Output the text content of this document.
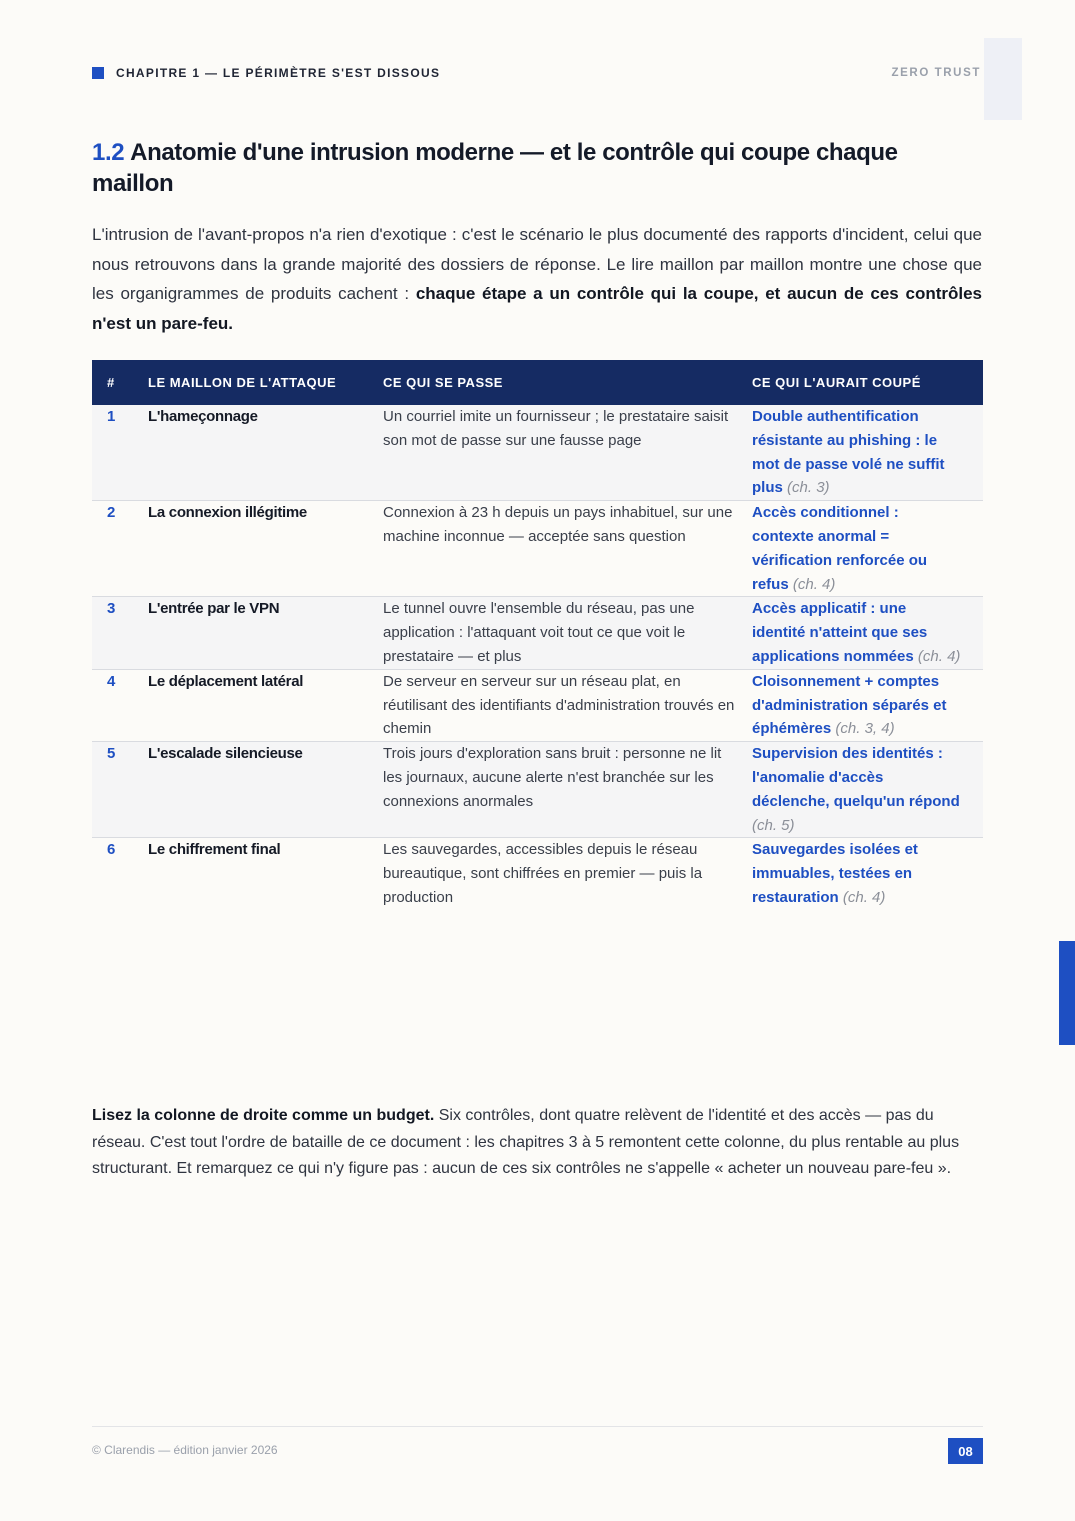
CHAPITRE 1 — LE PÉRIMÈTRE S'EST DISSOUS	ZERO TRUST
1.2 Anatomie d'une intrusion moderne — et le contrôle qui coupe chaque maillon

L'intrusion de l'avant-propos n'a rien d'exotique : c'est le scénario le plus documenté des rapports d'incident, celui que nous retrouvons dans la grande majorité des dossiers de réponse. Le lire maillon par maillon montre une chose que les organigrammes de produits cachent : chaque étape a un contrôle qui la coupe, et aucun de ces contrôles n'est un pare-feu.

#	LE MAILLON DE L'ATTAQUE	CE QUI SE PASSE	CE QUI L'AURAIT COUPÉ
1	L'hameçonnage	Un courriel imite un fournisseur ; le prestataire saisit son mot de passe sur une fausse page	Double authentification résistante au phishing : le mot de passe volé ne suffit plus (ch. 3)
2	La connexion illégitime	Connexion à 23 h depuis un pays inhabituel, sur une machine inconnue — acceptée sans question	Accès conditionnel : contexte anormal = vérification renforcée ou refus (ch. 4)
3	L'entrée par le VPN	Le tunnel ouvre l'ensemble du réseau, pas une application : l'attaquant voit tout ce que voit le prestataire — et plus	Accès applicatif : une identité n'atteint que ses applications nommées (ch. 4)
4	Le déplacement latéral	De serveur en serveur sur un réseau plat, en réutilisant des identifiants d'administration trouvés en chemin	Cloisonnement + comptes d'administration séparés et éphémères (ch. 3, 4)
5	L'escalade silencieuse	Trois jours d'exploration sans bruit : personne ne lit les journaux, aucune alerte n'est branchée sur les connexions anormales	Supervision des identités : l'anomalie d'accès déclenche, quelqu'un répond (ch. 5)
6	Le chiffrement final	Les sauvegardes, accessibles depuis le réseau bureautique, sont chiffrées en premier — puis la production	Sauvegardes isolées et immuables, testées en restauration (ch. 4)

Lisez la colonne de droite comme un budget. Six contrôles, dont quatre relèvent de l'identité et des accès — pas du réseau. C'est tout l'ordre de bataille de ce document : les chapitres 3 à 5 remontent cette colonne, du plus rentable au plus structurant. Et remarquez ce qui n'y figure pas : aucun de ces six contrôles ne s'appelle « acheter un nouveau pare-feu ».

© Clarendis — édition janvier 2026	08
